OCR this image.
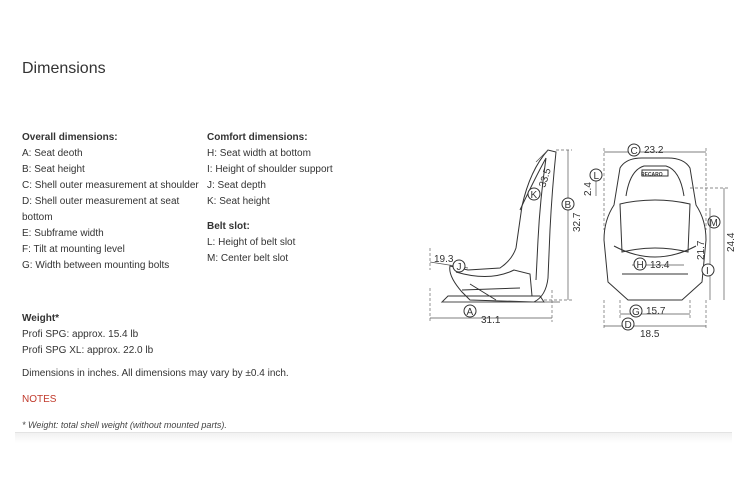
Dimensions
Overall dimensions:
A: Seat deoth
B: Seat height
C: Shell outer measurement at shoulder
D: Shell outer measurement at seat
bottom
E: Subframe width
F: Tilt at mounting level
G: Width between mounting bolts
Comfort dimensions:
H: Seat width at bottom
I: Height of shoulder support
J: Seat depth
K: Seat height
Belt slot:
L: Height of belt slot
M: Center belt slot
Weight*
Profi SPG: approx. 15.4 lb
Profi SPG XL: approx. 22.0 lb
Dimensions in inches. All dimensions may vary by ±0.4 inch.
NOTES
* Weight: total shell weight (without mounted parts).
A
31.1
B
32.7
K
33.5
J
19.3
RECARO
C 23.2
L
2.4
M
24.4
I
21.7
H 13.4
G 15.7
D
18.5
